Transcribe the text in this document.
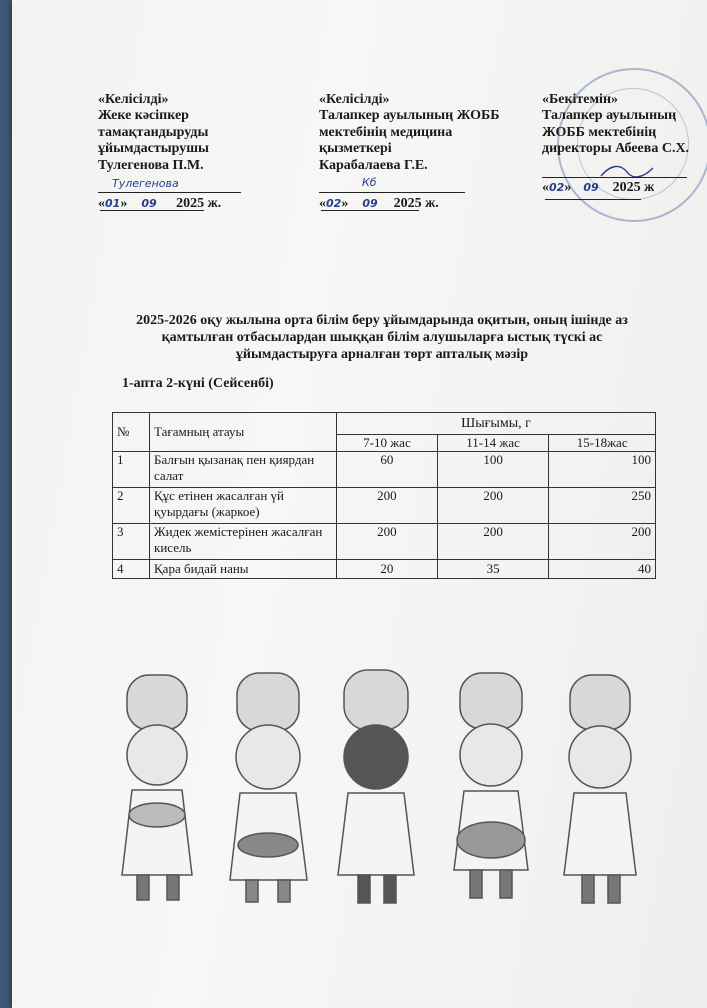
«Келісілді»
Жеке кәсіпкер
тамақтандыруды
ұйымдастырушы
Тулегенова П.М.
«01» 09 2025 ж.
Тулегенова
«Келісілді»
Талапкер ауылының ЖОББ
мектебінің медицина
қызметкері
Карабалаева Г.Е.
«02» 09 2025 ж.
Кб
«Бекітемін»
Талапкер ауылының
ЖОББ мектебінің
директоры Абеева С.Х.
«02» 09 2025 ж
2025-2026 оқу жылына орта білім беру ұйымдарында оқитын, оның ішінде аз
қамтылған отбасылардан шыққан білім алушыларға ыстық түскі ас
ұйымдастыруға арналған төрт апталық мәзір
1-апта 2-күні (Сейсенбі)
№	Тағамның атауы	Шығымы, г		
		7-10 жас	11-14 жас	15-18жас
1	Балғын қызанақ пен қиярдан салат	60	100	100
2	Құс етінен жасалған үй қуырдағы (жаркое)	200	200	250
3	Жидек жемістерінен жасалған кисель	200	200	200
4	Қара бидай наны	20	35	40
